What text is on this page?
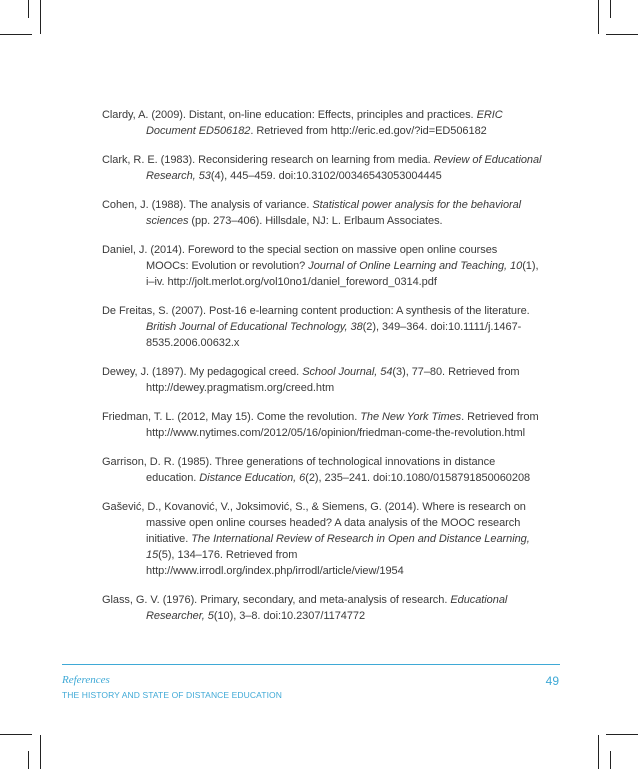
Clardy, A. (2009). Distant, on-line education: Effects, principles and practices. ERIC Document ED506182. Retrieved from http://eric.ed.gov/?id=ED506182

Clark, R. E. (1983). Reconsidering research on learning from media. Review of Educational Research, 53(4), 445–459. doi:10.3102/00346543053004445

Cohen, J. (1988). The analysis of variance. Statistical power analysis for the behavioral sciences (pp. 273–406). Hillsdale, NJ: L. Erlbaum Associates.

Daniel, J. (2014). Foreword to the special section on massive open online courses MOOCs: Evolution or revolution? Journal of Online Learning and Teaching, 10(1), i–iv. http://jolt.merlot.org/vol10no1/daniel_foreword_0314.pdf

De Freitas, S. (2007). Post-16 e-learning content production: A synthesis of the literature. British Journal of Educational Technology, 38(2), 349–364. doi:10.1111/j.1467-8535.2006.00632.x

Dewey, J. (1897). My pedagogical creed. School Journal, 54(3), 77–80. Retrieved from http://dewey.pragmatism.org/creed.htm

Friedman, T. L. (2012, May 15). Come the revolution. The New York Times. Retrieved from http://www.nytimes.com/2012/05/16/opinion/friedman-come-the-revolution.html

Garrison, D. R. (1985). Three generations of technological innovations in distance education. Distance Education, 6(2), 235–241. doi:10.1080/0158791850060208

Gašević, D., Kovanović, V., Joksimović, S., & Siemens, G. (2014). Where is research on massive open online courses headed? A data analysis of the MOOC research initiative. The International Review of Research in Open and Distance Learning, 15(5), 134–176. Retrieved from http://www.irrodl.org/index.php/irrodl/article/view/1954

Glass, G. V. (1976). Primary, secondary, and meta-analysis of research. Educational Researcher, 5(10), 3–8. doi:10.2307/1174772

References
THE HISTORY AND STATE OF DISTANCE EDUCATION
49
